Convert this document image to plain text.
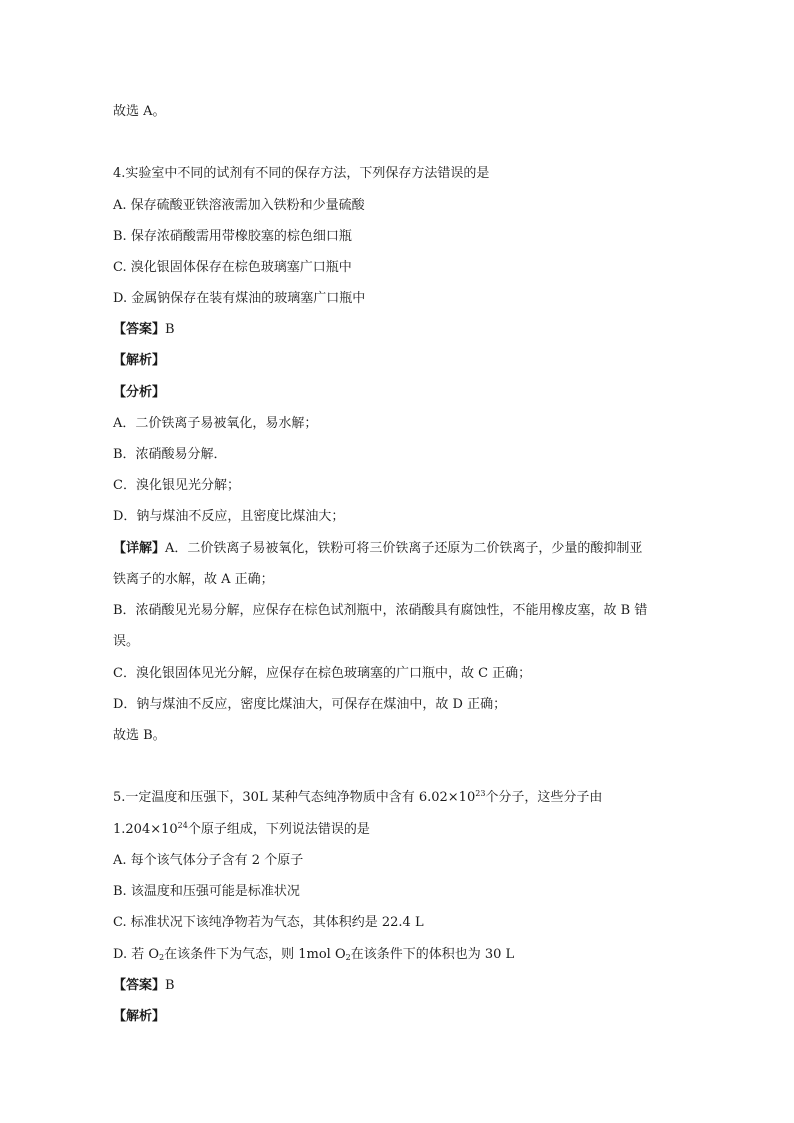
故选 A。
4.实验室中不同的试剂有不同的保存方法，下列保存方法错误的是
A. 保存硫酸亚铁溶液需加入铁粉和少量硫酸
B. 保存浓硝酸需用带橡胶塞的棕色细口瓶
C. 溴化银固体保存在棕色玻璃塞广口瓶中
D. 金属钠保存在装有煤油的玻璃塞广口瓶中
【答案】B
【解析】
【分析】
A．二价铁离子易被氧化，易水解；
B．浓硝酸易分解．
C．溴化银见光分解；
D．钠与煤油不反应，且密度比煤油大；
【详解】A．二价铁离子易被氧化，铁粉可将三价铁离子还原为二价铁离子，少量的酸抑制亚
铁离子的水解，故 A 正确；
B．浓硝酸见光易分解，应保存在棕色试剂瓶中，浓硝酸具有腐蚀性，不能用橡皮塞，故 B 错
误。
C．溴化银固体见光分解，应保存在棕色玻璃塞的广口瓶中，故 C 正确；
D．钠与煤油不反应，密度比煤油大，可保存在煤油中，故 D 正确；
故选 B。
5.一定温度和压强下，30L 某种气态纯净物质中含有 $6.02\times 10^{23}$个分子，这些分子由
$1.204\times 10^{24}$个原子组成，下列说法错误的是
A. 每个该气体分子含有 2 个原子
B. 该温度和压强可能是标准状况
C. 标准状况下该纯净物若为气态，其体积约是 22.4 L
D. 若 $O_2$在该条件下为气态，则 1mol $O_2$在该条件下的体积也为 30 L
【答案】B
【解析】
